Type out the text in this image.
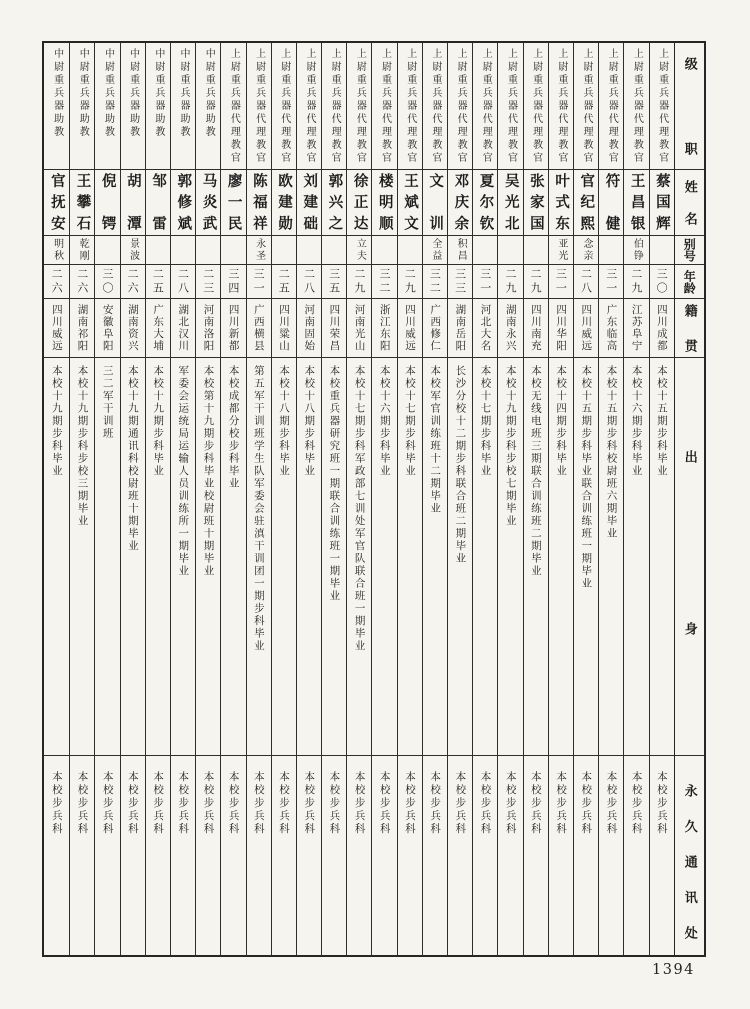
级职
姓名
别号
年龄
籍贯
出身
永久通讯处
上尉重兵器代理教官
蔡国辉
三〇
四川成都
本校十五期步科毕业
本校步兵科
上尉重兵器代理教官
王昌银
伯铮
二九
江苏阜宁
本校十六期步科毕业
本校步兵科
上尉重兵器代理教官
符健
三一
广东临高
本校十五期步科校尉班六期毕业
本校步兵科
上尉重兵器代理教官
官纪熙
念亲
二八
四川威远
本校十五期步科毕业联合训练班一期毕业
本校步兵科
上尉重兵器代理教官
叶式东
亚光
三一
四川华阳
本校十四期步科毕业
本校步兵科
上尉重兵器代理教官
张家国
二九
四川南充
本校无线电班三期联合训练班二期毕业
本校步兵科
上尉重兵器代理教官
吴光北
二九
湖南永兴
本校十九期步科步校七期毕业
本校步兵科
上尉重兵器代理教官
夏尔钦
三一
河北大名
本校十七期步科毕业
本校步兵科
上尉重兵器代理教官
邓庆余
积昌
三三
湖南岳阳
长沙分校十二期步科联合班二期毕业
本校步兵科
上尉重兵器代理教官
文训
全益
三二
广西修仁
本校军官训练班十二期毕业
本校步兵科
上尉重兵器代理教官
王斌文
二九
四川威远
本校十七期步科毕业
本校步兵科
上尉重兵器代理教官
楼明顺
三二
浙江东阳
本校十六期步科毕业
本校步兵科
上尉重兵器代理教官
徐正达
立夫
二九
河南光山
本校十七期步科军政部七训处军官队联合班一期毕业
本校步兵科
上尉重兵器代理教官
郭兴之
三五
四川荣昌
本校重兵器研究班一期联合训练班一期毕业
本校步兵科
上尉重兵器代理教官
刘建础
二八
河南固始
本校十八期步科毕业
本校步兵科
上尉重兵器代理教官
欧建勋
二五
四川粱山
本校十八期步科毕业
本校步兵科
上尉重兵器代理教官
陈福祥
永圣
三一
广西横县
第五军干训班学生队军委会驻滇干训团一期步科毕业
本校步兵科
上尉重兵器代理教官
廖一民
三四
四川新都
本校成都分校步科毕业
本校步兵科
中尉重兵器助教
马炎武
二三
河南洛阳
本校第十九期步科毕业校尉班十期毕业
本校步兵科
中尉重兵器助教
郭修斌
二八
湖北汉川
军委会运统局运输人员训练所一期毕业
本校步兵科
中尉重兵器助教
邹雷
二五
广东大埔
本校十九期步科毕业
本校步兵科
中尉重兵器助教
胡潭
景波
二六
湖南资兴
本校十九期通讯科校尉班十期毕业
本校步兵科
中尉重兵器助教
倪锷
三〇
安徽阜阳
三二军干训班
本校步兵科
中尉重兵器助教
王攀石
乾刚
二六
湖南祁阳
本校十九期步科步校三期毕业
本校步兵科
中尉重兵器助教
官抚安
明秋
二六
四川威远
本校十九期步科毕业
本校步兵科
1394
